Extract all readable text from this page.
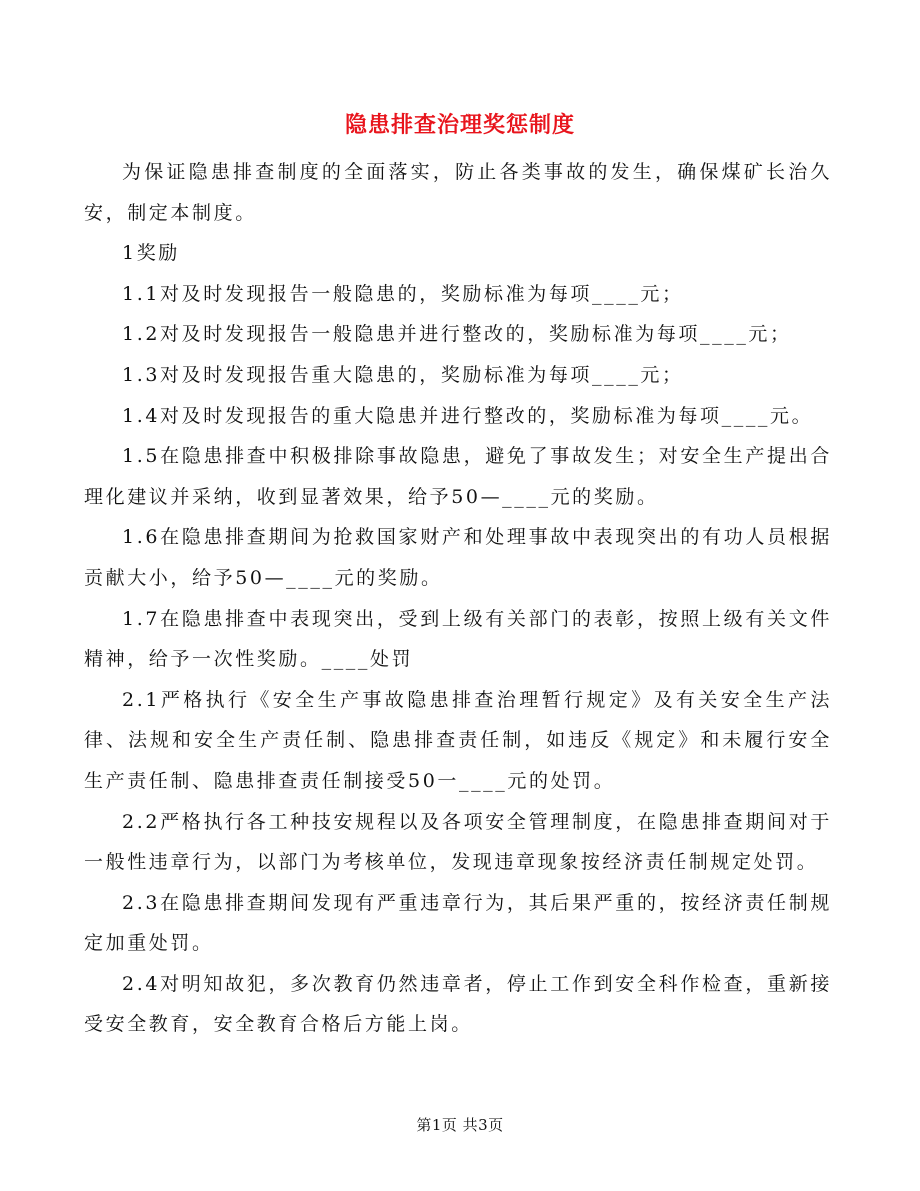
隐患排查治理奖惩制度

为保证隐患排查制度的全面落实，防止各类事故的发生，确保煤矿长治久安，制定本制度。

1奖励

1.1对及时发现报告一般隐患的，奖励标准为每项____元；

1.2对及时发现报告一般隐患并进行整改的，奖励标准为每项____元；

1.3对及时发现报告重大隐患的，奖励标准为每项____元；

1.4对及时发现报告的重大隐患并进行整改的，奖励标准为每项____元。

1.5在隐患排查中积极排除事故隐患，避免了事故发生；对安全生产提出合理化建议并采纳，收到显著效果，给予50—____元的奖励。

1.6在隐患排查期间为抢救国家财产和处理事故中表现突出的有功人员根据贡献大小，给予50—____元的奖励。

1.7在隐患排查中表现突出，受到上级有关部门的表彰，按照上级有关文件精神，给予一次性奖励。____处罚

2.1严格执行《安全生产事故隐患排查治理暂行规定》及有关安全生产法律、法规和安全生产责任制、隐患排查责任制，如违反《规定》和未履行安全生产责任制、隐患排查责任制接受50一____元的处罚。

2.2严格执行各工种技安规程以及各项安全管理制度，在隐患排查期间对于一般性违章行为，以部门为考核单位，发现违章现象按经济责任制规定处罚。

2.3在隐患排查期间发现有严重违章行为，其后果严重的，按经济责任制规定加重处罚。

2.4对明知故犯，多次教育仍然违章者，停止工作到安全科作检查，重新接受安全教育，安全教育合格后方能上岗。

第1页 共3页
